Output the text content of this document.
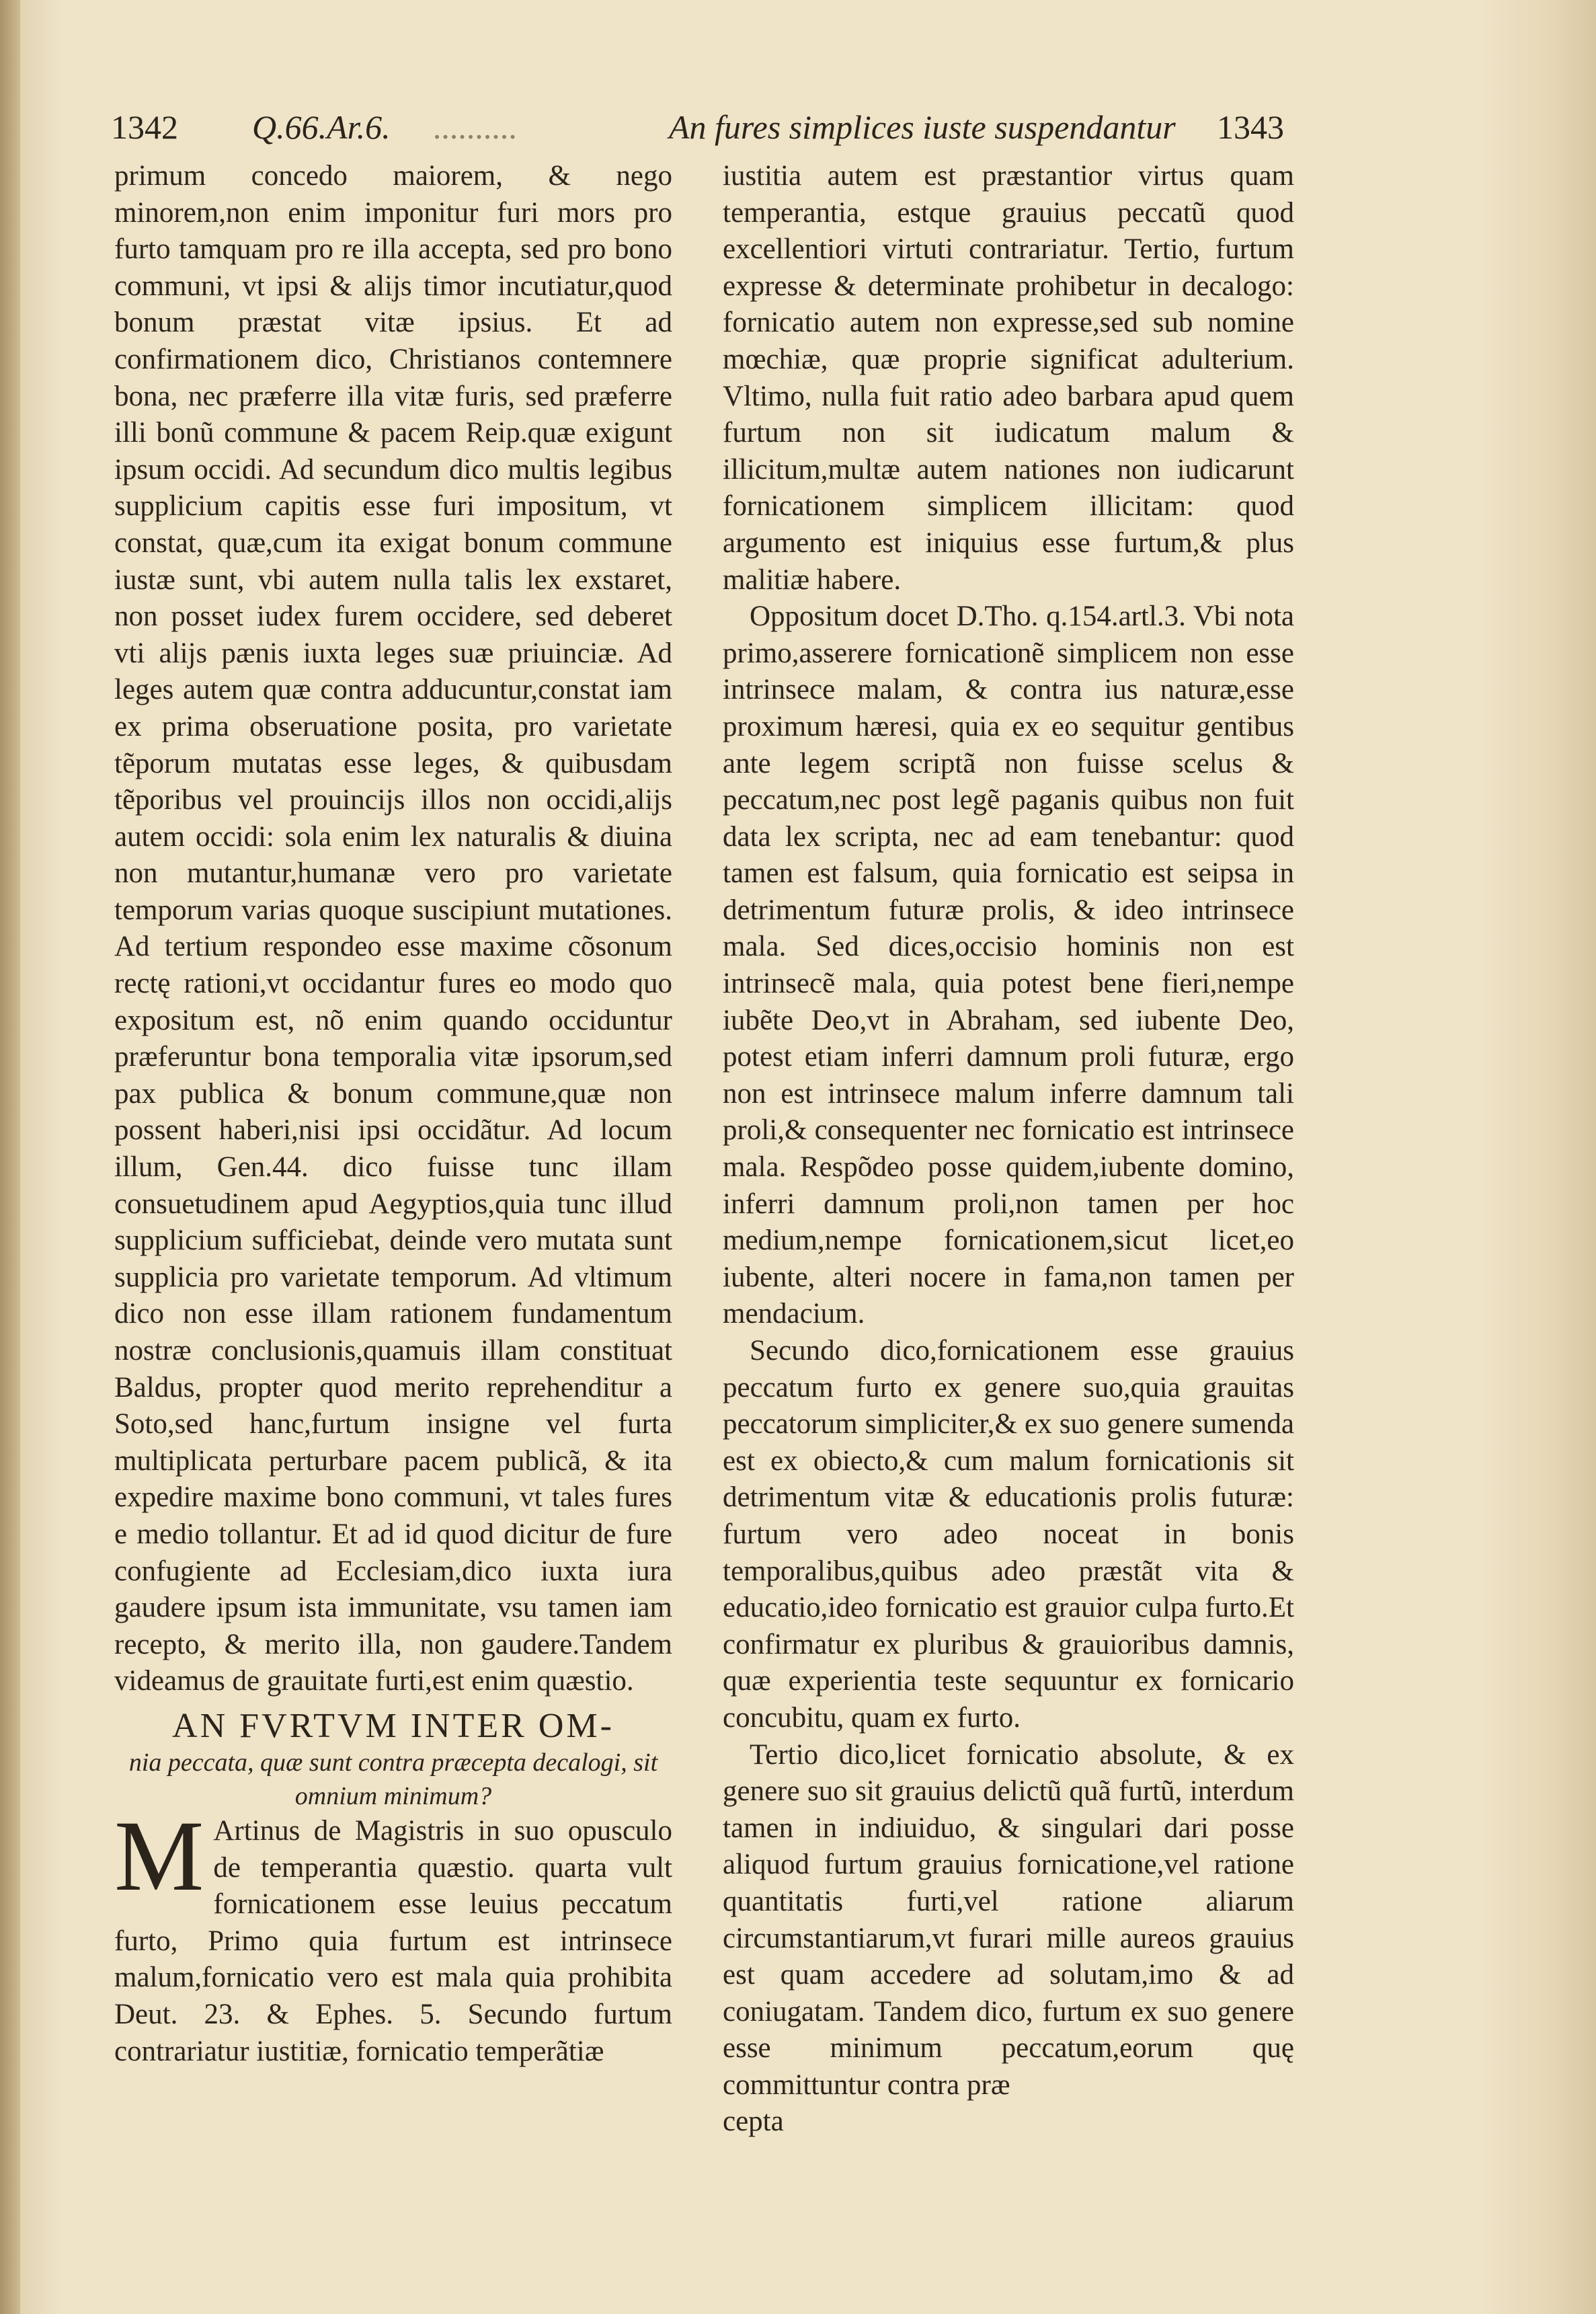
1342 Q.66.Ar.6. ..........	An fures simplices iuste suspendantur 1343

primum concedo maiorem, & nego minorem,non enim imponitur furi mors pro furto tamquam pro re illa accepta, sed pro bono communi, vt ipsi & alijs timor incutiatur,quod bonum præstat vitæ ipsius. Et ad confirmationem dico, Christianos contemnere bona, nec præferre illa vitæ furis, sed præferre illi bonũ commune & pacem Reip.quæ exigunt ipsum occidi. Ad secundum dico multis legibus supplicium capitis esse furi impositum, vt constat, quæ,cum ita exigat bonum commune iustæ sunt, vbi autem nulla talis lex exstaret, non posset iudex furem occidere, sed deberet vti alijs pænis iuxta leges suæ priuinciæ. Ad leges autem quæ contra adducuntur,constat iam ex prima obseruatione posita, pro varietate tẽporum mutatas esse leges, & quibusdam tẽporibus vel prouincijs illos non occidi,alijs autem occidi: sola enim lex naturalis & diuina non mutantur,humanæ vero pro varietate temporum varias quoque suscipiunt mutationes. Ad tertium respondeo esse maxime cõsonum rectę rationi,vt occidantur fures eo modo quo expositum est, nõ enim quando occiduntur præferuntur bona temporalia vitæ ipsorum,sed pax publica & bonum commune,quæ non possent haberi,nisi ipsi occidãtur. Ad locum illum, Gen.44. dico fuisse tunc illam consuetudinem apud Aegyptios,quia tunc illud supplicium sufficiebat, deinde vero mutata sunt supplicia pro varietate temporum. Ad vltimum dico non esse illam rationem fundamentum nostræ conclusionis,quamuis illam constituat Baldus, propter quod merito reprehenditur a Soto,sed hanc,furtum insigne vel furta multiplicata perturbare pacem publicã, & ita expedire maxime bono communi, vt tales fures e medio tollantur. Et ad id quod dicitur de fure confugiente ad Ecclesiam,dico iuxta iura gaudere ipsum ista immunitate, vsu tamen iam recepto, & merito illa, non gaudere.Tandem videamus de grauitate furti,est enim quæstio.

AN FVRTVM INTER OM-
nia peccata, quæ sunt contra præcepta decalogi, sit omnium minimum?

M Artinus de Magistris in suo opusculo de temperantia quæstio. quarta vult fornicationem esse leuius peccatum furto, Primo quia furtum est intrinsece malum,fornicatio vero est mala quia prohibita Deut. 23. & Ephes. 5. Secundo furtum contrariatur iustitiæ, fornicatio temperãtiæ

iustitia autem est præstantior virtus quam temperantia, estque grauius peccatũ quod excellentiori virtuti contrariatur. Tertio, furtum expresse & determinate prohibetur in decalogo: fornicatio autem non expresse,sed sub nomine mœchiæ, quæ proprie significat adulterium. Vltimo, nulla fuit ratio adeo barbara apud quem furtum non sit iudicatum malum & illicitum,multæ autem nationes non iudicarunt fornicationem simplicem illicitam: quod argumento est iniquius esse furtum,& plus malitiæ habere.

Oppositum docet D.Tho. q.154.artl.3. Vbi nota primo,asserere fornicationẽ simplicem non esse intrinsece malam, & contra ius naturæ,esse proximum hæresi, quia ex eo sequitur gentibus ante legem scriptã non fuisse scelus & peccatum,nec post legẽ paganis quibus non fuit data lex scripta, nec ad eam tenebantur: quod tamen est falsum, quia fornicatio est seipsa in detrimentum futuræ prolis, & ideo intrinsece mala. Sed dices,occisio hominis non est intrinsecẽ mala, quia potest bene fieri,nempe iubẽte Deo,vt in Abraham, sed iubente Deo, potest etiam inferri damnum proli futuræ, ergo non est intrinsece malum inferre damnum tali proli,& consequenter nec fornicatio est intrinsece mala. Respõdeo posse quidem,iubente domino, inferri damnum proli,non tamen per hoc medium,nempe fornicationem,sicut licet,eo iubente, alteri nocere in fama,non tamen per mendacium.

Secundo dico,fornicationem esse grauius peccatum furto ex genere suo,quia grauitas peccatorum simpliciter,& ex suo genere sumenda est ex obiecto,& cum malum fornicationis sit detrimentum vitæ & educationis prolis futuræ: furtum vero adeo noceat in bonis temporalibus,quibus adeo præstãt vita & educatio,ideo fornicatio est grauior culpa furto.Et confirmatur ex pluribus & grauioribus damnis, quæ experientia teste sequuntur ex fornicario concubitu, quam ex furto.

Tertio dico,licet fornicatio absolute, & ex genere suo sit grauius delictũ quã furtũ, interdum tamen in indiuiduo, & singulari dari posse aliquod furtum grauius fornicatione,vel ratione quantitatis furti,vel ratione aliarum circumstantiarum,vt furari mille aureos grauius est quam accedere ad solutam,imo & ad coniugatam. Tandem dico, furtum ex suo genere esse minimum peccatum,eorum quę committuntur contra præ

cepta
